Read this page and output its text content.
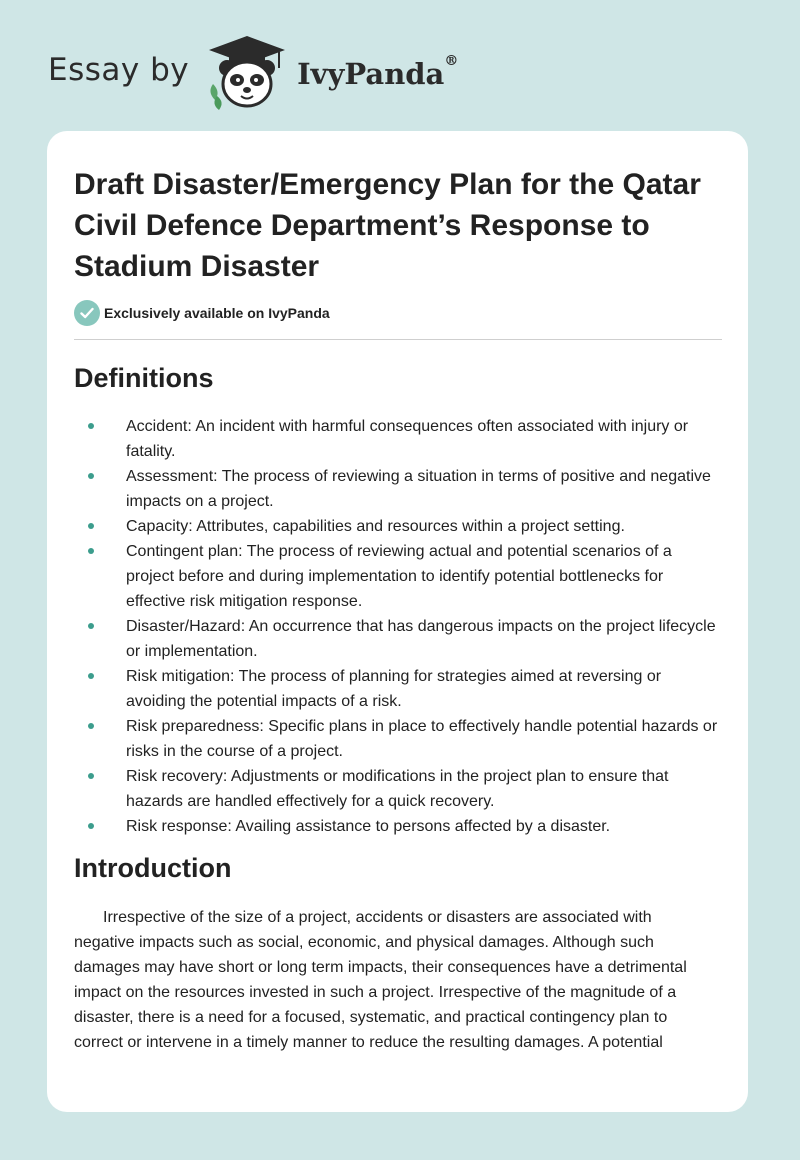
Essay by	IvyPanda®
Draft Disaster/Emergency Plan for the Qatar Civil Defence Department’s Response to Stadium Disaster
Exclusively available on IvyPanda
Definitions
Accident: An incident with harmful consequences often associated with injury or fatality.
Assessment: The process of reviewing a situation in terms of positive and negative impacts on a project.
Capacity: Attributes, capabilities and resources within a project setting.
Contingent plan: The process of reviewing actual and potential scenarios of a project before and during implementation to identify potential bottlenecks for effective risk mitigation response.
Disaster/Hazard: An occurrence that has dangerous impacts on the project lifecycle or implementation.
Risk mitigation: The process of planning for strategies aimed at reversing or avoiding the potential impacts of a risk.
Risk preparedness: Specific plans in place to effectively handle potential hazards or risks in the course of a project.
Risk recovery: Adjustments or modifications in the project plan to ensure that hazards are handled effectively for a quick recovery.
Risk response: Availing assistance to persons affected by a disaster.
Introduction

Irrespective of the size of a project, accidents or disasters are associated with negative impacts such as social, economic, and physical damages. Although such damages may have short or long term impacts, their consequences have a detrimental impact on the resources invested in such a project. Irrespective of the magnitude of a disaster, there is a need for a focused, systematic, and practical contingency plan to correct or intervene in a timely manner to reduce the resulting damages. A potential
